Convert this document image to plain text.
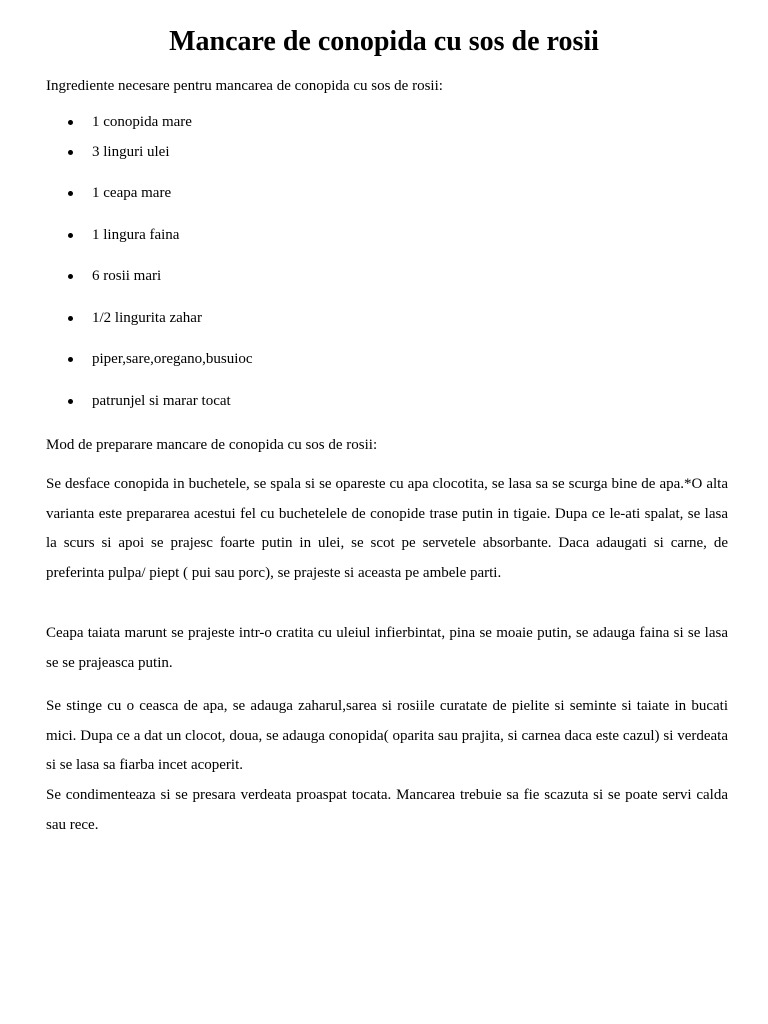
Mancare de conopida cu sos de rosii

Ingrediente necesare pentru mancarea de conopida cu sos de rosii:

1 conopida mare
3 linguri ulei
1 ceapa mare
1 lingura faina
6 rosii mari
1/2 lingurita zahar
piper,sare,oregano,busuioc
patrunjel si marar tocat

Mod de preparare mancare de conopida cu sos de rosii:

Se desface conopida in buchetele, se spala si se opareste cu apa clocotita, se lasa sa se scurga bine de apa.*O alta varianta este prepararea acestui fel cu buchetelele de conopide trase putin in tigaie. Dupa ce le-ati spalat, se lasa la scurs si apoi se prajesc foarte putin in ulei, se scot pe servetele absorbante. Daca adaugati si carne, de preferinta pulpa/ piept ( pui sau porc), se prajeste si aceasta pe ambele parti.

Ceapa taiata marunt se prajeste intr-o cratita cu uleiul infierbintat, pina se moaie putin, se adauga faina si se lasa se se prajeasca putin.

Se stinge cu o ceasca de apa, se adauga zaharul,sarea si rosiile curatate de pielite si seminte si taiate in bucati mici. Dupa ce a dat un clocot, doua, se adauga conopida( oparita sau prajita, si carnea daca este cazul) si verdeata si se lasa sa fiarba incet acoperit.

Se condimenteaza si se presara verdeata proaspat tocata. Mancarea trebuie sa fie scazuta si se poate servi calda sau rece.
